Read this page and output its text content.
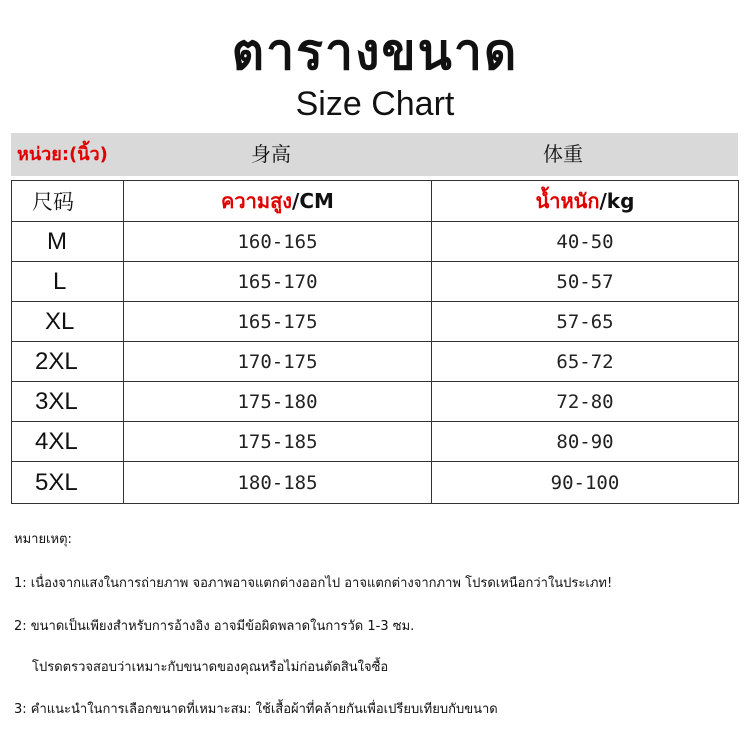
ตารางขนาด
Size Chart
หน่วย:(นิ้ว)	身高	体重
尺码	ความสูง/CM	น้ำหนัก/kg
M	160-165	40-50
L	165-170	50-57
XL	165-175	57-65
2XL	170-175	65-72
3XL	175-180	72-80
4XL	175-185	80-90
5XL	180-185	90-100
หมายเหตุ:
1: เนื่องจากแสงในการถ่ายภาพ จอภาพอาจแตกต่างออกไป อาจแตกต่างจากภาพ โปรดเหนือกว่าในประเภท!
2: ขนาดเป็นเพียงสำหรับการอ้างอิง อาจมีข้อผิดพลาดในการวัด 1-3 ซม.
โปรดตรวจสอบว่าเหมาะกับขนาดของคุณหรือไม่ก่อนตัดสินใจซื้อ
3: คำแนะนำในการเลือกขนาดที่เหมาะสม: ใช้เสื้อผ้าที่คล้ายกันเพื่อเปรียบเทียบกับขนาด
